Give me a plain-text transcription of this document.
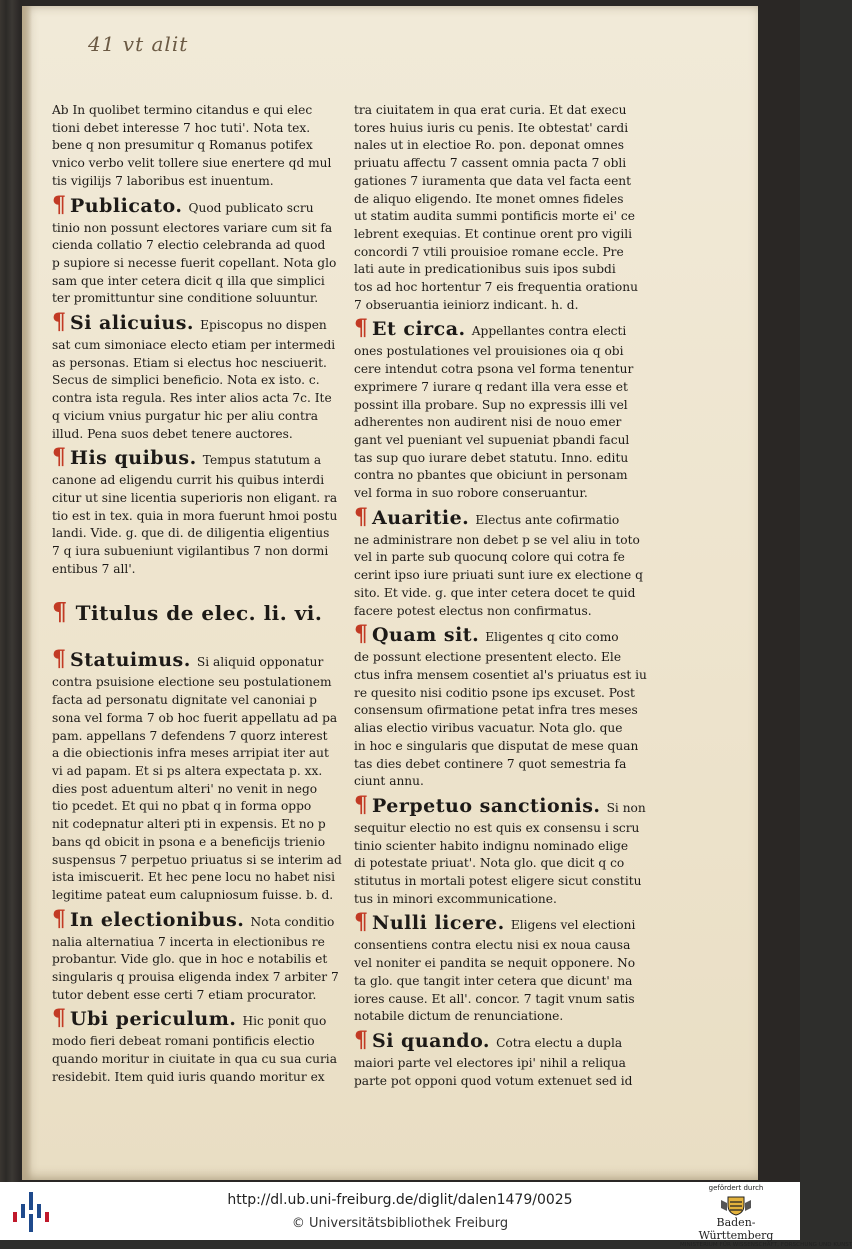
41 vt alit
Ab In quolibet termino citandus e qui elec
tioni debet interesse 7 hoc tuti'. Nota tex.
bene q non presumitur q Romanus potifex
vnico verbo velit tollere siue enertere qd mul
tis vigilijs 7 laboribus est inuentum.
¶ Publicato. Quod publicato scru
tinio non possunt electores variare cum sit fa
cienda collatio 7 electio celebranda ad quod
p supiore si necesse fuerit copellant. Nota glo
sam que inter cetera dicit q illa que simplici
ter promittuntur sine conditione soluuntur.
¶ Si alicuius. Episcopus no dispen
sat cum simoniace electo etiam per intermedi
as personas. Etiam si electus hoc nesciuerit.
Secus de simplici beneficio. Nota ex isto. c.
contra ista regula. Res inter alios acta 7c. Ite
q vicium vnius purgatur hic per aliu contra
illud. Pena suos debet tenere auctores.
¶ His quibus. Tempus statutum a
canone ad eligendu currit his quibus interdi
citur ut sine licentia superioris non eligant. ra
tio est in tex. quia in mora fuerunt hmoi postu
landi. Vide. g. que di. de diligentia eligentius
7 q iura subueniunt vigilantibus 7 non dormi
entibus 7 all'.
¶ Titulus de elec. li. vi.
¶ Statuimus. Si aliquid opponatur
contra psuisione electione seu postulationem
facta ad personatu dignitate vel canoniai p
sona vel forma 7 ob hoc fuerit appellatu ad pa
pam. appellans 7 defendens 7 quorz interest
a die obiectionis infra meses arripiat iter aut
vi ad papam. Et si ps altera expectata p. xx.
dies post aduentum alteri' no venit in nego
tio pcedet. Et qui no pbat q in forma oppo
nit codepnatur alteri pti in expensis. Et no p
bans qd obicit in psona e a beneficijs trienio
suspensus 7 perpetuo priuatus si se interim ad
ista imiscuerit. Et hec pene locu no habet nisi
legitime pateat eum calupniosum fuisse. b. d.
¶ In electionibus. Nota conditio
nalia alternatiua 7 incerta in electionibus re
probantur. Vide glo. que in hoc e notabilis et
singularis q prouisa eligenda index 7 arbiter 7
tutor debent esse certi 7 etiam procurator.
¶ Ubi periculum. Hic ponit quo
modo fieri debeat romani pontificis electio
quando moritur in ciuitate in qua cu sua curia
residebit. Item quid iuris quando moritur ex
tra ciuitatem in qua erat curia. Et dat execu
tores huius iuris cu penis. Ite obtestat' cardi
nales ut in electioe Ro. pon. deponat omnes
priuatu affectu 7 cassent omnia pacta 7 obli
gationes 7 iuramenta que data vel facta eent
de aliquo eligendo. Ite monet omnes fideles
ut statim audita summi pontificis morte ei' ce
lebrent exequias. Et continue orent pro vigili
concordi 7 vtili prouisioe romane eccle. Pre
lati aute in predicationibus suis ipos subdi
tos ad hoc hortentur 7 eis frequentia orationu
7 obseruantia ieiniorz indicant. h. d.
¶ Et circa. Appellantes contra electi
ones postulationes vel prouisiones oia q obi
cere intendut cotra psona vel forma tenentur
exprimere 7 iurare q redant illa vera esse et
possint illa probare. Sup no expressis illi vel
adherentes non audirent nisi de nouo emer
gant vel pueniant vel supueniat pbandi facul
tas sup quo iurare debet statutu. Inno. editu
contra no pbantes que obiciunt in personam
vel forma in suo robore conseruantur.
¶ Auaritie. Electus ante cofirmatio
ne administrare non debet p se vel aliu in toto
vel in parte sub quocunq colore qui cotra fe
cerint ipso iure priuati sunt iure ex electione q
sito. Et vide. g. que inter cetera docet te quid
facere potest electus non confirmatus.
¶ Quam sit. Eligentes q cito como
de possunt electione presentent electo. Ele
ctus infra mensem cosentiet al's priuatus est iu
re quesito nisi coditio psone ips excuset. Post
consensum ofirmatione petat infra tres meses
alias electio viribus vacuatur. Nota glo. que
in hoc e singularis que disputat de mese quan
tas dies debet continere 7 quot semestria fa
ciunt annu.
¶ Perpetuo sanctionis. Si non
sequitur electio no est quis ex consensu i scru
tinio scienter habito indignu nominado elige
di potestate priuat'. Nota glo. que dicit q co
stitutus in mortali potest eligere sicut constitu
tus in minori excommunicatione.
¶ Nulli licere. Eligens vel electioni
consentiens contra electu nisi ex noua causa
vel noniter ei pandita se nequit opponere. No
ta glo. que tangit inter cetera que dicunt' ma
iores cause. Et all'. concor. 7 tagit vnum satis
notabile dictum de renunciatione.
¶ Si quando. Cotra electu a dupla
maiori parte vel electores ipi' nihil a reliqua
parte pot opponi quod votum extenuet sed id
http://dl.ub.uni-freiburg.de/diglit/dalen1479/0025
© Universitätsbibliothek Freiburg
gefördert durch
Baden-Württemberg
MINISTERIUM FÜR WISSENSCHAFT, FORSCHUNG UND KUNST
